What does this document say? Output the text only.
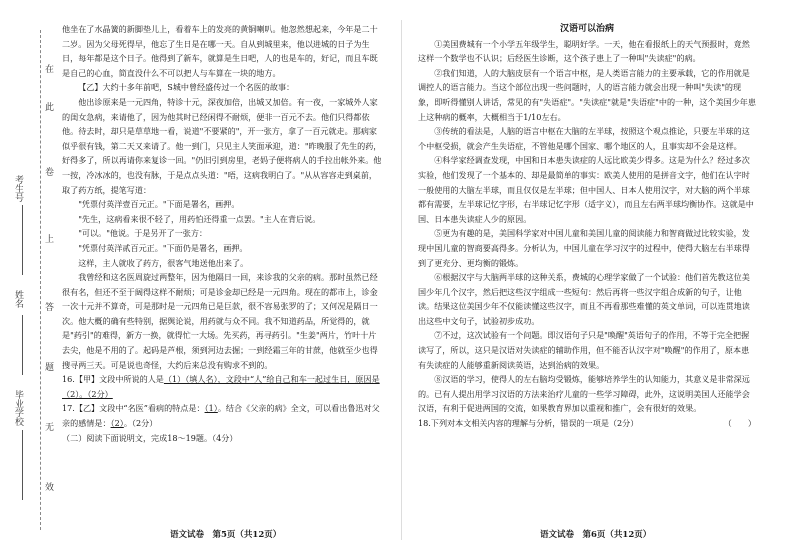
在
此
卷
上
答
题
无
效
考生号
姓名
毕业学校

他坐在了水晶簧的新脚垫儿上，看着车上的发亮的黄铜喇叭。他忽然想起来，今年是二十二岁。因为父母死得早，他忘了生日是在哪一天。自从到城里来，他以进城的日子为生日，每年都是这个日子。他得到了新车，就算是生日吧，人的也是车的，好记，而且车既是自己的心血，简直没什么不可以把人与车算在一块的地方。

【乙】大约十多年前吧，S城中曾经盛传过一个名医的故事：

他出诊原来是一元四角，特诊十元，深夜加倍，出城又加倍。有一夜，一家城外人家的闺女急病，来请他了，因为他其时已经闲得不耐烦，便非一百元不去。他们只得都依他。待去时，却只是草草地一看，说道"不要紧的"，开一张方，拿了一百元就走。那病家似乎很有钱，第二天又来请了。他一到门，只见主人笑面承迎，道："昨晚服了先生的药，好得多了，所以再请你来复诊一回。"仍旧引到房里，老妈子便将病人的手拉出帐外来。他一按，冷冰冰的，也没有脉，于是点点头道："唔，这病我明白了。"从从容容走到桌前，取了药方纸，提笔写道：

"凭票付英洋壹百元正。"下面是署名，画押。

"先生，这病看来很不轻了，用药怕还得重一点罢。"主人在背后说。

"可以。"他说。于是另开了一张方：

"凭票付英洋贰百元正。"下面仍是署名，画押。

这样，主人就收了药方，很客气地送他出来了。

我曾经和这名医周旋过两整年，因为他隔日一回，来诊我的父亲的病。那时虽然已经很有名，但还不至于阔得这样不耐烦；可是诊金却已经是一元四角。现在的都市上，诊金一次十元并不算奇，可是那时是一元四角已是巨款，很不容易张罗的了；又何况是隔日一次。他大概的确有些特别，据舆论说，用药就与众不同。我不知道药品，所觉得的，就是"药引"的难得，新方一换，就得忙一大场。先买药，再寻药引。"生姜"两片，竹叶十片去尖，他是不用的了。起码是芦根，须到河边去掘；一到经霜三年的甘蔗，他就至少也得搜寻两三天。可是说也奇怪，大约后来总没有购求不到的。

16.【甲】文段中所说的人是（1）（填人名），文段中“人”给自己和车一起过生日，原因是（2）。（2分）

17.【乙】文段中“名医”看病的特点是：（1）。结合《父亲的病》全文，可以看出鲁迅对父亲的感情是：（2）。（2分）

（二）阅读下面说明文，完成18～19题。（4分）

汉语可以治病

①美国费城有一个小学五年级学生，聪明好学。一天，他在看报纸上的天气预报时，竟然这样一个数学也不认识；后经医生诊断，这个孩子患上了一种叫"失读症"的病。

②我们知道，人的大脑皮层有一个语言中枢，是人类语言能力的主要承载，它的作用就是调控人的语言能力。当这个部位出现一些问题时，人的语言能力就会出现一种叫"失读"的现象，即听得懂别人讲话，常见的有"失语症"。"失读症"就是"失语症"中的一种，这个美国少年患上这种病的概率，大概相当于1/10左右。

③传统的看法是，人脑的语言中枢在大脑的左半球，按照这个观点推论，只要左半球的这个中枢受损，就会产生失语症，不管他是哪个国家、哪个地区的人，且事实却不会是这样。

④科学家经调查发现，中国和日本患失读症的人远比欧美少得多。这是为什么？经过多次实验，他们发现了一个基本的、却是最简单的事实：欧美人使用的是拼音文字，他们在认字时一般使用的大脑左半球，而且仅仅是左半球；但中国人、日本人使用汉字，对大脑的两个半球都有需要，左半球记忆字形，右半球记忆字形（适字义），而且左右两半球均衡协作。这就是中国、日本患失读症人少的原因。

⑤更为有趣的是，美国科学家对中国儿童和美国儿童的阅读能力和智商做过比较实验，发现中国儿童的智商要高得多。分析认为，中国儿童在学习汉字的过程中，使得大脑左右半球得到了更充分、更均衡的锻炼。

⑥根据汉字与大脑两半球的这种关系，费城的心理学家做了一个试验：他们首先教这位美国少年几个汉字，然后把这些汉字组成一些短句：然后再将一些汉字组合成新的句子，让他读。结果这位美国少年不仅能读懂这些汉字，而且不再看那些难懂的英文单词，可以连贯地读出这些中文句子，试验初步成功。

⑦不过，这次试验有一个问题。即汉语句子只是"唤醒"英语句子的作用，不等于完全把握读写了，所以，这只是汉语对失读症的辅助作用，但不能否认汉字对"唤醒"的作用了，原本患有失读症的人能够重新阅读英语，达到治病的效果。

⑧汉语的学习，使得人的左右脑均受锻炼，能够培养学生的认知能力，其意义是非常深远的。已有人提出用学习汉语的方法来治疗儿童的一些学习障碍，此外，这说明美国人还能学会汉语，有利于促进两国的交流，如果教育界加以重视和推广，会有很好的效果。

18.下列对本文相关内容的理解与分析，错误的一项是（2分）	（　　）

语文试卷　第5页（共12页）	语文试卷　第6页（共12页）
